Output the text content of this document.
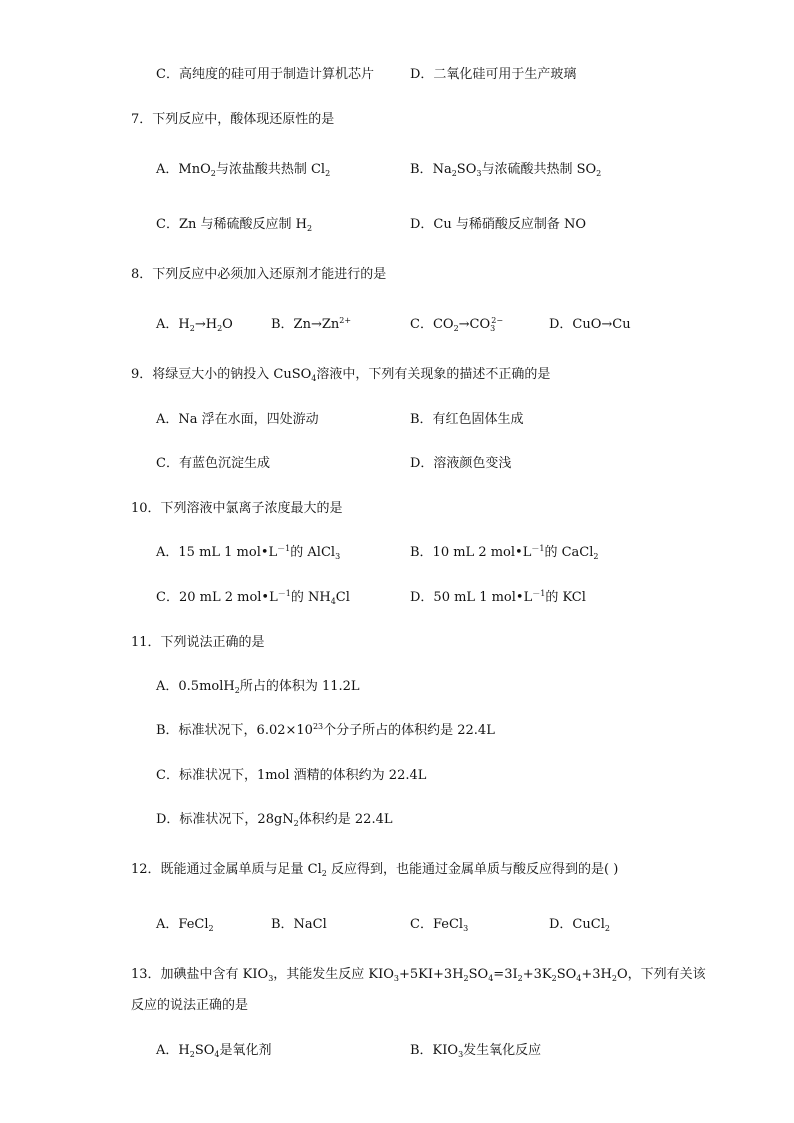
C．高纯度的硅可用于制造计算机芯片	D．二氧化硅可用于生产玻璃
7．下列反应中，酸体现还原性的是
A．MnO$_2$与浓盐酸共热制 $Cl_2$	B．$Na_2SO_3$与浓硫酸共热制 $SO_2$
C．Zn 与稀硫酸反应制 $H_2$	D．Cu 与稀硝酸反应制备 NO
8．下列反应中必须加入还原剂才能进行的是
A．$H_2\to H_2O$	B．$Zn\to Zn^{2+}$	C．$CO_2\to CO_3^{2-}$	D．CuO→Cu
9．将绿豆大小的钠投入 CuSO$_4$溶液中，下列有关现象的描述不正确的是
A．Na 浮在水面，四处游动	B．有红色固体生成
C．有蓝色沉淀生成	D．溶液颜色变浅
10．下列溶液中氯离子浓度最大的是
A．15 mL 1 $mol•L^{-1}$的 AlCl$_3$	B．10 mL 2 $mol•L^{-1}$的 CaCl$_2$
C．20 mL 2 $mol•L^{-1}$的 $NH_4Cl$	D．50 mL 1 $mol•L^{-1}$的 KCl
11．下列说法正确的是
A．0.5molH$_2$所占的体积为 11.2L
B．标准状况下，$6.02\times 10^{23}$个分子所占的体积约是 22.4L
C．标准状况下，1mol 酒精的体积约为 22.4L
D．标准状况下，$28gN_2$体积约是 22.4L
12．既能通过金属单质与足量 $Cl_2$ 反应得到，也能通过金属单质与酸反应得到的是( )
A．FeCl$_2$	B．NaCl	C．FeCl$_3$	D．CuCl$_2$
13．加碘盐中含有 $KIO_3$，其能发生反应 $KIO_3+5KI+3H_2SO_4=3I_2+3K_2SO_4+3H_2O$，下列有关该
反应的说法正确的是
A．$H_2SO_4$是氧化剂	B．$KIO_3$发生氧化反应
